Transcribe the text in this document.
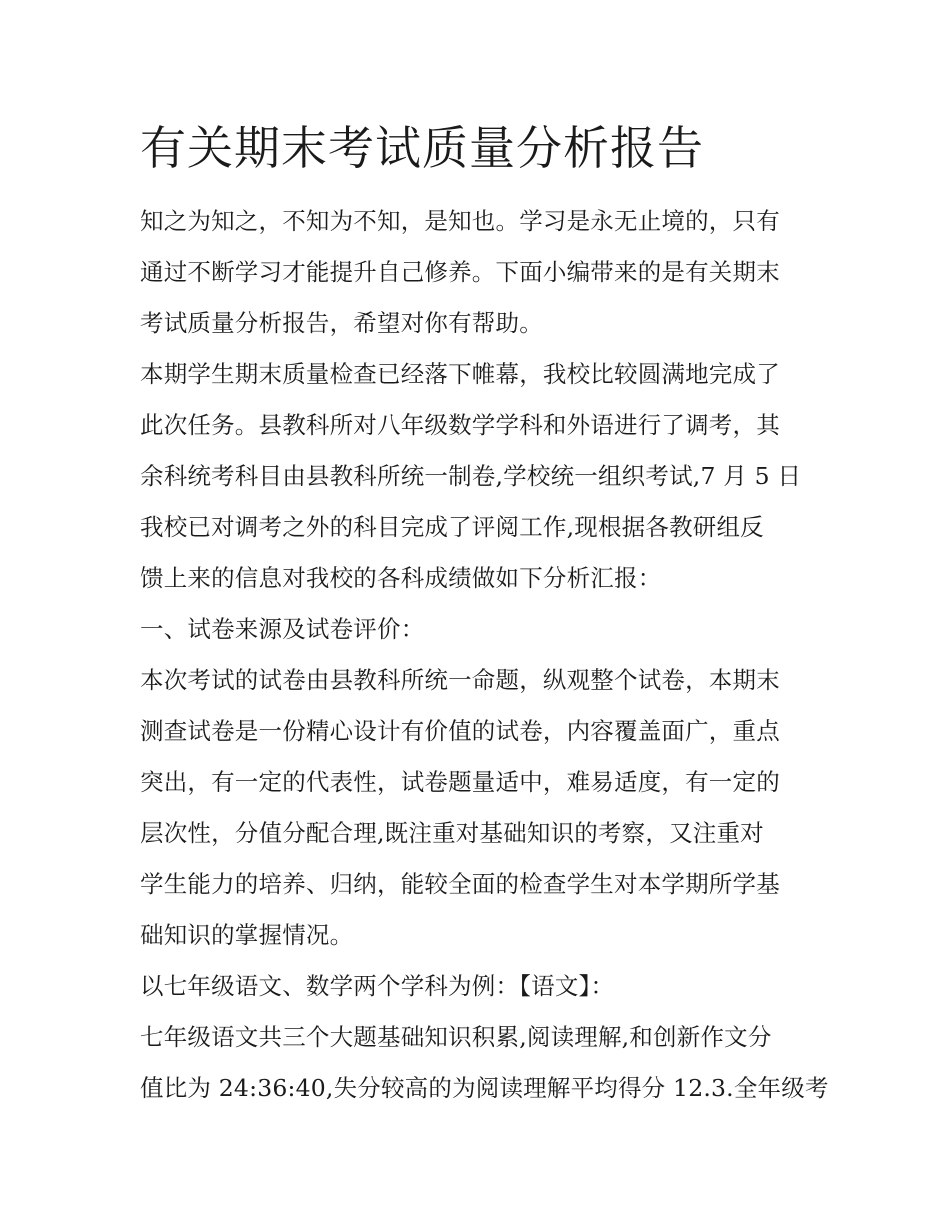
有关期末考试质量分析报告
知之为知之，不知为不知，是知也。学习是永无止境的，只有
通过不断学习才能提升自己修养。下面小编带来的是有关期末
考试质量分析报告，希望对你有帮助。
本期学生期末质量检查已经落下帷幕，我校比较圆满地完成了
此次任务。县教科所对八年级数学学科和外语进行了调考，其
余科统考科目由县教科所统一制卷,学校统一组织考试,7 月 5 日
我校已对调考之外的科目完成了评阅工作,现根据各教研组反
馈上来的信息对我校的各科成绩做如下分析汇报：
一、试卷来源及试卷评价：
本次考试的试卷由县教科所统一命题，纵观整个试卷，本期末
测查试卷是一份精心设计有价值的试卷，内容覆盖面广，重点
突出，有一定的代表性，试卷题量适中，难易适度，有一定的
层次性，分值分配合理,既注重对基础知识的考察，又注重对
学生能力的培养、归纳，能较全面的检查学生对本学期所学基
础知识的掌握情况。
以七年级语文、数学两个学科为例：【语文】：
七年级语文共三个大题基础知识积累,阅读理解,和创新作文分
值比为 24:36:40,失分较高的为阅读理解平均得分 12.3.全年级考
